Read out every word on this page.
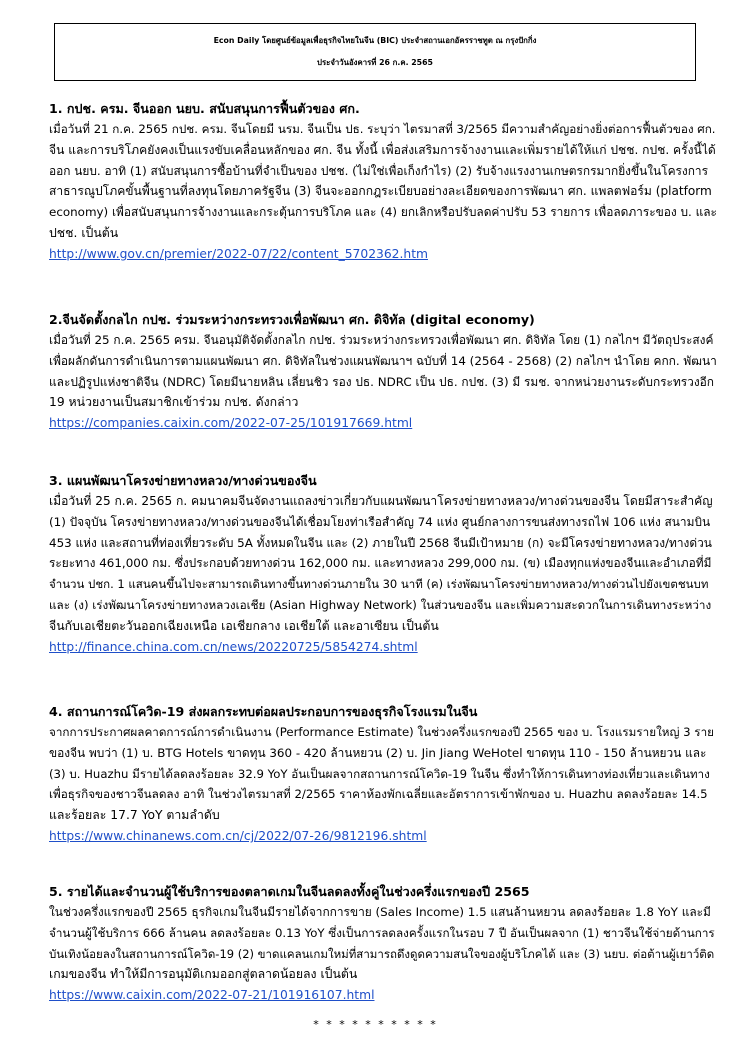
Econ Daily โดยศูนย์ข้อมูลเพื่อธุรกิจไทยในจีน (BIC) ประจำสถานเอกอัครราชทูต ณ กรุงปักกิ่ง
ประจำวันอังคารที่ 26 ก.ค. 2565
1. กปช. ครม. จีนออก นยบ. สนับสนุนการฟื้นตัวของ ศก.
เมื่อวันที่ 21 ก.ค. 2565 กปช. ครม. จีนโดยมี นรม. จีนเป็น ปธ. ระบุว่า ไตรมาสที่ 3/2565 มีความสำคัญอย่างยิ่งต่อการฟื้นตัวของ ศก.
จีน และการบริโภคยังคงเป็นแรงขับเคลื่อนหลักของ ศก. จีน ทั้งนี้ เพื่อส่งเสริมการจ้างงานและเพิ่มรายได้ให้แก่ ปชช. กปช. ครั้งนี้ได้
ออก นยบ. อาทิ (1) สนับสนุนการซื้อบ้านที่จำเป็นของ ปชช. (ไม่ใช่เพื่อเก็งกำไร) (2) รับจ้างแรงงานเกษตรกรมากยิ่งขึ้นในโครงการ
สาธารณูปโภคขั้นพื้นฐานที่ลงทุนโดยภาครัฐจีน (3) จีนจะออกกฎระเบียบอย่างละเอียดของการพัฒนา ศก. แพลตฟอร์ม (platform
economy) เพื่อสนับสนุนการจ้างงานและกระตุ้นการบริโภค และ (4) ยกเลิกหรือปรับลดค่าปรับ 53 รายการ เพื่อลดภาระของ บ. และ
ปชช. เป็นต้น
http://www.gov.cn/premier/2022-07/22/content_5702362.htm
2.จีนจัดตั้งกลไก กปช. ร่วมระหว่างกระทรวงเพื่อพัฒนา ศก. ดิจิทัล (digital economy)
เมื่อวันที่ 25 ก.ค. 2565 ครม. จีนอนุมัติจัดตั้งกลไก กปช. ร่วมระหว่างกระทรวงเพื่อพัฒนา ศก. ดิจิทัล โดย (1) กลไกฯ มีวัตถุประสงค์
เพื่อผลักดันการดำเนินการตามแผนพัฒนา ศก. ดิจิทัลในช่วงแผนพัฒนาฯ ฉบับที่ 14 (2564 - 2568) (2) กลไกฯ นำโดย คกก. พัฒนา
และปฏิรูปแห่งชาติจีน (NDRC) โดยมีนายหลิน เลี่ยนชิว รอง ปธ. NDRC เป็น ปธ. กปช. (3) มี รมช. จากหน่วยงานระดับกระทรวงอีก
19 หน่วยงานเป็นสมาชิกเข้าร่วม กปช. ดังกล่าว
https://companies.caixin.com/2022-07-25/101917669.html
3. แผนพัฒนาโครงข่ายทางหลวง/ทางด่วนของจีน
เมื่อวันที่ 25 ก.ค. 2565 ก. คมนาคมจีนจัดงานแถลงข่าวเกี่ยวกับแผนพัฒนาโครงข่ายทางหลวง/ทางด่วนของจีน โดยมีสาระสำคัญ
(1) ปัจจุบัน โครงข่ายทางหลวง/ทางด่วนของจีนได้เชื่อมโยงท่าเรือสำคัญ 74 แห่ง ศูนย์กลางการขนส่งทางรถไฟ 106 แห่ง สนามบิน
453 แห่ง และสถานที่ท่องเที่ยวระดับ 5A ทั้งหมดในจีน และ (2) ภายในปี 2568 จีนมีเป้าหมาย (ก) จะมีโครงข่ายทางหลวง/ทางด่วน
ระยะทาง 461,000 กม. ซึ่งประกอบด้วยทางด่วน 162,000 กม. และทางหลวง 299,000 กม. (ข) เมืองทุกแห่งของจีนและอำเภอที่มี
จำนวน ปชก. 1 แสนคนขึ้นไปจะสามารถเดินทางขึ้นทางด่วนภายใน 30 นาที (ค) เร่งพัฒนาโครงข่ายทางหลวง/ทางด่วนไปยังเขตชนบท
และ (ง) เร่งพัฒนาโครงข่ายทางหลวงเอเชีย (Asian Highway Network) ในส่วนของจีน และเพิ่มความสะดวกในการเดินทางระหว่าง
จีนกับเอเชียตะวันออกเฉียงเหนือ เอเชียกลาง เอเชียใต้ และอาเซียน เป็นต้น
http://finance.china.com.cn/news/20220725/5854274.shtml
4. สถานการณ์โควิด-19 ส่งผลกระทบต่อผลประกอบการของธุรกิจโรงแรมในจีน
จากการประกาศผลคาดการณ์การดำเนินงาน (Performance Estimate) ในช่วงครึ่งแรกของปี 2565 ของ บ. โรงแรมรายใหญ่ 3 ราย
ของจีน พบว่า (1) บ. BTG Hotels ขาดทุน 360 - 420 ล้านหยวน (2) บ. Jin Jiang WeHotel ขาดทุน 110 - 150 ล้านหยวน และ
(3) บ. Huazhu มีรายได้ลดลงร้อยละ 32.9 YoY อันเป็นผลจากสถานการณ์โควิด-19 ในจีน ซึ่งทำให้การเดินทางท่องเที่ยวและเดินทาง
เพื่อธุรกิจของชาวจีนลดลง อาทิ ในช่วงไตรมาสที่ 2/2565 ราคาห้องพักเฉลี่ยและอัตราการเข้าพักของ บ. Huazhu ลดลงร้อยละ 14.5
และร้อยละ 17.7 YoY ตามลำดับ
https://www.chinanews.com.cn/cj/2022/07-26/9812196.shtml
5. รายได้และจำนวนผู้ใช้บริการของตลาดเกมในจีนลดลงทั้งคู่ในช่วงครึ่งแรกของปี 2565
ในช่วงครึ่งแรกของปี 2565 ธุรกิจเกมในจีนมีรายได้จากการขาย (Sales Income) 1.5 แสนล้านหยวน ลดลงร้อยละ 1.8 YoY และมี
จำนวนผู้ใช้บริการ 666 ล้านคน ลดลงร้อยละ 0.13 YoY ซึ่งเป็นการลดลงครั้งแรกในรอบ 7 ปี อันเป็นผลจาก (1) ชาวจีนใช้จ่ายด้านการ
บันเทิงน้อยลงในสถานการณ์โควิด-19 (2) ขาดแคลนเกมใหม่ที่สามารถดึงดูดความสนใจของผู้บริโภคได้ และ (3) นยบ. ต่อต้านผู้เยาว์ติด
เกมของจีน ทำให้มีการอนุมัติเกมออกสู่ตลาดน้อยลง เป็นต้น
https://www.caixin.com/2022-07-21/101916107.html
* * * * * * * * * *
